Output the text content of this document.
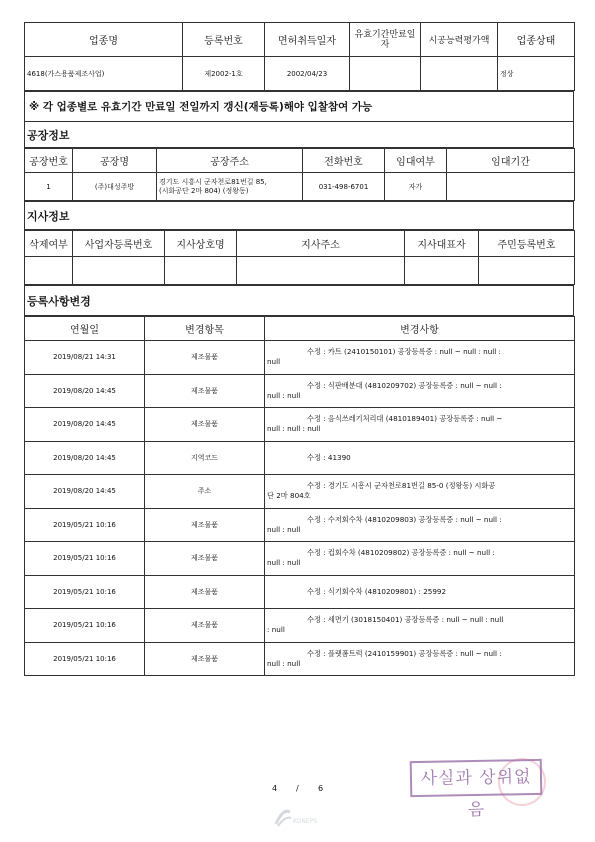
업종명	등록번호	면허취득일자	유효기간만료일자	시공능력평가액	업종상태
4618(가스용품제조사업)	제2002-1호	2002/04/23			정상
※ 각 업종별로 유효기간 만료일 전일까지 갱신(재등록)해야 입찰참여 가능
공장정보
공장번호	공장명	공장주소	전화번호	임대여부	임대기간
1	(주)대성주방	경기도 시흥시 군자천로81번길 85,
(시화공단 2마 804) (정왕동)	031-498-6701	자가	
지사정보
삭제여부	사업자등록번호	지사상호명	지사주소	지사대표자	주민등록번호

등록사항변경
연월일	변경항목	변경사항
2019/08/21 14:31	제조물품	수정 : 카트 (2410150101) 공장등록증 : null ~ null : null :
null

2019/08/20 14:45	제조물품	수정 : 식판배분대 (4810209702) 공장등록증 : null ~ null :
null : null

2019/08/20 14:45	제조물품	수정 : 음식쓰레기처리대 (4810189401) 공장등록증 : null ~
null : null : null

2019/08/20 14:45	지역코드	수정 : 41390

2019/08/20 14:45	주소	수정 : 경기도 시흥시 군자천로81번길 85-0 (정왕동) 시화공
단 2마 804호

2019/05/21 10:16	제조물품	수정 : 수저회수차 (4810209803) 공장등록증 : null ~ null :
null : null

2019/05/21 10:16	제조물품	수정 : 컵회수차 (4810209802) 공장등록증 : null ~ null :
null : null

2019/05/21 10:16	제조물품	수정 : 식기회수차 (4810209801) : 25992

2019/05/21 10:16	제조물품	수정 : 세면기 (3018150401) 공장등록증 : null ~ null : null
: null

2019/05/21 10:16	제조물품	수정 : 플랫폼트럭 (2410159901) 공장등록증 : null ~ null :
null : null
4 / 6	사실과 상위없음
KONEPS
